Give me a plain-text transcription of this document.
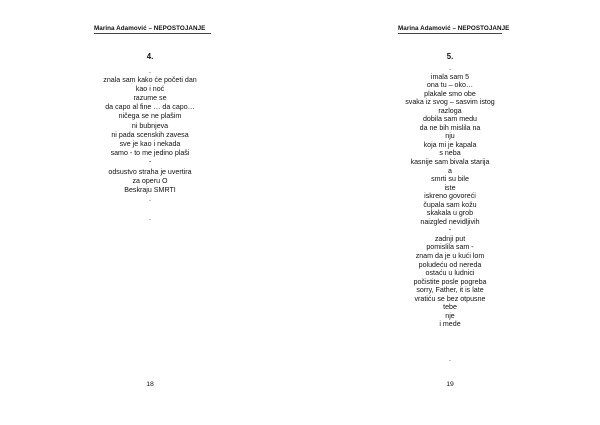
Marina Adamović – NEPOSTOJANJE
4.
.
znala sam kako će početi dan
kao i noć
razume se
da capo al fine … da capo…
ničega se ne plašim
ni bubnjeva
ni pada scenskih zavesa
sve je kao i nekada
samo - to me jedino plaši
-
odsustvo straha je uvertira
za operu O
Beskraju SMRTI
.
.
18
Marina Adamović – NEPOSTOJANJE
5.
.
imala sam 5
ona tu – oko…
plakale smo obe
svaka iz svog – sasvim istog
razloga
dobila sam medu
da ne bih mislila na
nju
koja mi je kapala
s neba
kasnije sam bivala starija
a
smrti su bile
iste
iskreno govoreći
čupala sam kožu
skakala u grob
naizgled nevidljivih
-
zadnji put
pomislila sam -
znam da je u kući lom
poludeću od nereda
ostaću u ludnici
počistite posle pogreba
sorry, Father, it is late
vratiću se bez otpusne
tebe
nje
i mede
.
19
